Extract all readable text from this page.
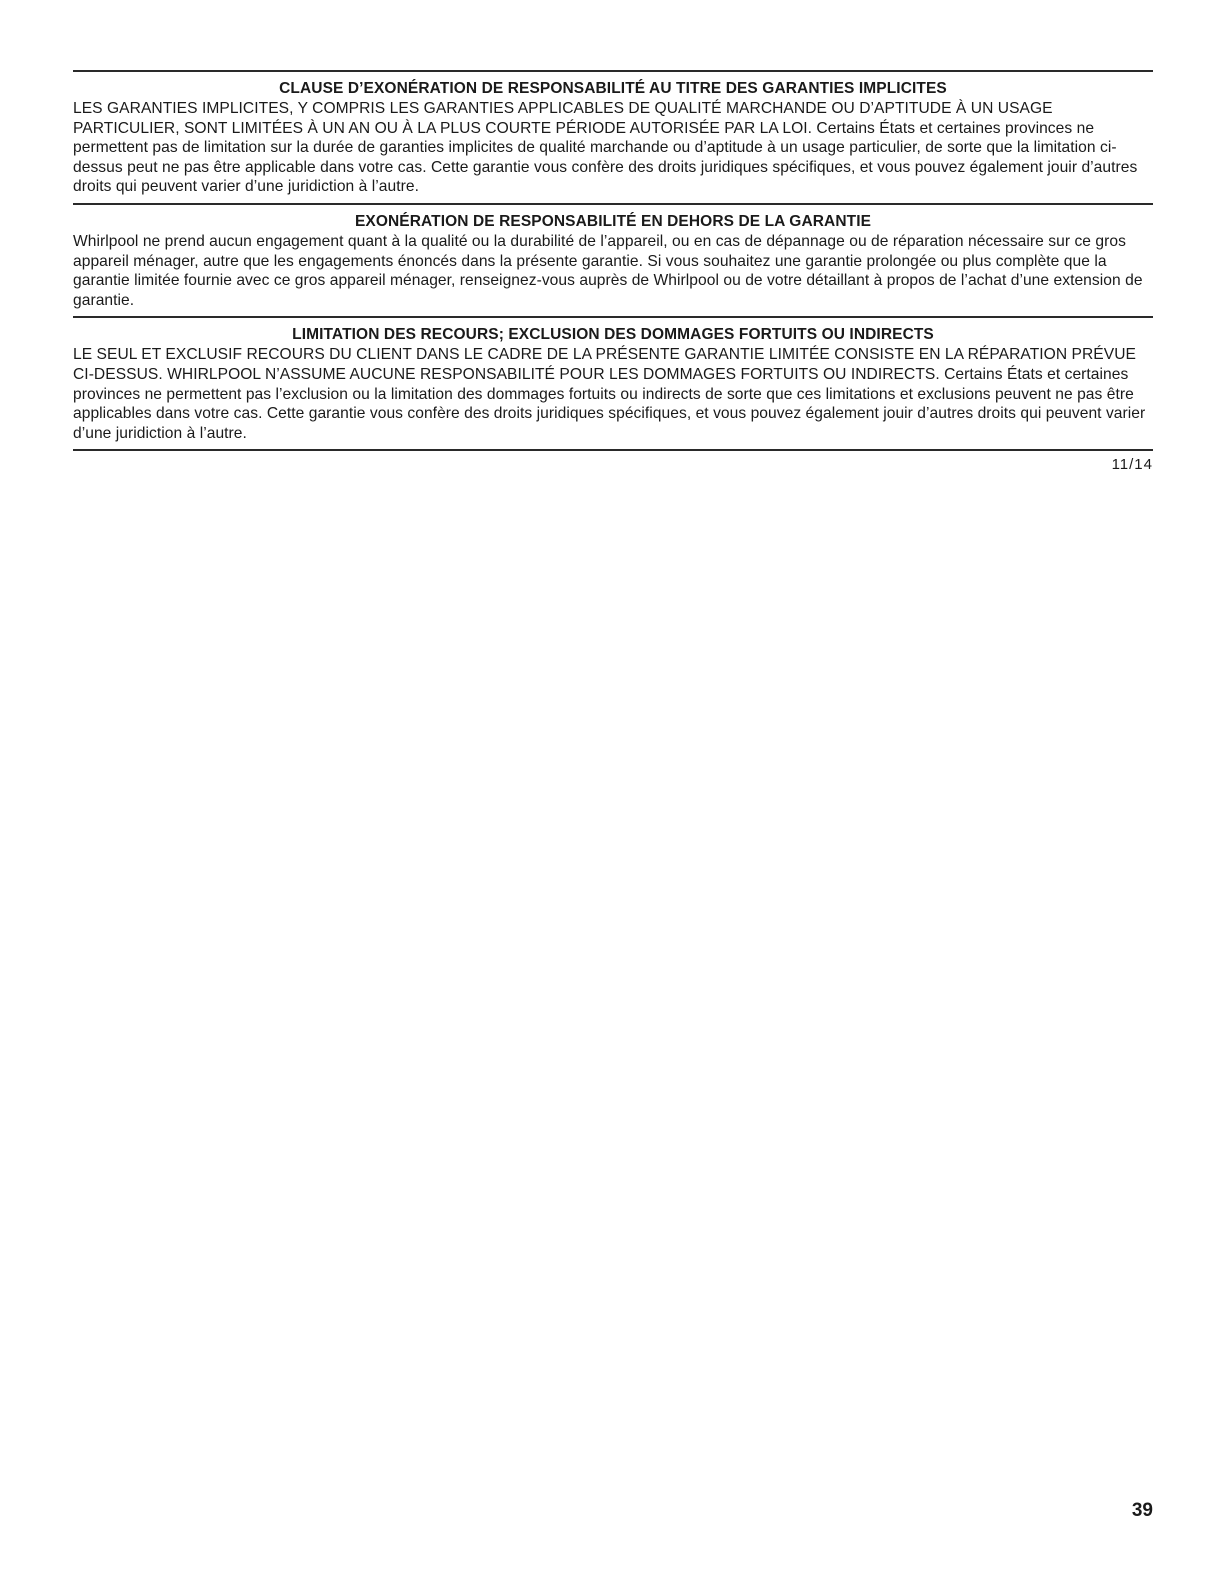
CLAUSE D’EXONÉRATION DE RESPONSABILITÉ AU TITRE DES GARANTIES IMPLICITES

LES GARANTIES IMPLICITES, Y COMPRIS LES GARANTIES APPLICABLES DE QUALITÉ MARCHANDE OU D’APTITUDE À UN USAGE PARTICULIER, SONT LIMITÉES À UN AN OU À LA PLUS COURTE PÉRIODE AUTORISÉE PAR LA LOI. Certains États et certaines provinces ne permettent pas de limitation sur la durée de garanties implicites de qualité marchande ou d’aptitude à un usage particulier, de sorte que la limitation ci-dessus peut ne pas être applicable dans votre cas. Cette garantie vous confère des droits juridiques spécifiques, et vous pouvez également jouir d’autres droits qui peuvent varier d’une juridiction à l’autre.

EXONÉRATION DE RESPONSABILITÉ EN DEHORS DE LA GARANTIE

Whirlpool ne prend aucun engagement quant à la qualité ou la durabilité de l’appareil, ou en cas de dépannage ou de réparation nécessaire sur ce gros appareil ménager, autre que les engagements énoncés dans la présente garantie. Si vous souhaitez une garantie prolongée ou plus complète que la garantie limitée fournie avec ce gros appareil ménager, renseignez-vous auprès de Whirlpool ou de votre détaillant à propos de l’achat d’une extension de garantie.

LIMITATION DES RECOURS; EXCLUSION DES DOMMAGES FORTUITS OU INDIRECTS

LE SEUL ET EXCLUSIF RECOURS DU CLIENT DANS LE CADRE DE LA PRÉSENTE GARANTIE LIMITÉE CONSISTE EN LA RÉPARATION PRÉVUE CI-DESSUS. WHIRLPOOL N’ASSUME AUCUNE RESPONSABILITÉ POUR LES DOMMAGES FORTUITS OU INDIRECTS. Certains États et certaines provinces ne permettent pas l’exclusion ou la limitation des dommages fortuits ou indirects de sorte que ces limitations et exclusions peuvent ne pas être applicables dans votre cas. Cette garantie vous confère des droits juridiques spécifiques, et vous pouvez également jouir d’autres droits qui peuvent varier d’une juridiction à l’autre.

11/14
39
